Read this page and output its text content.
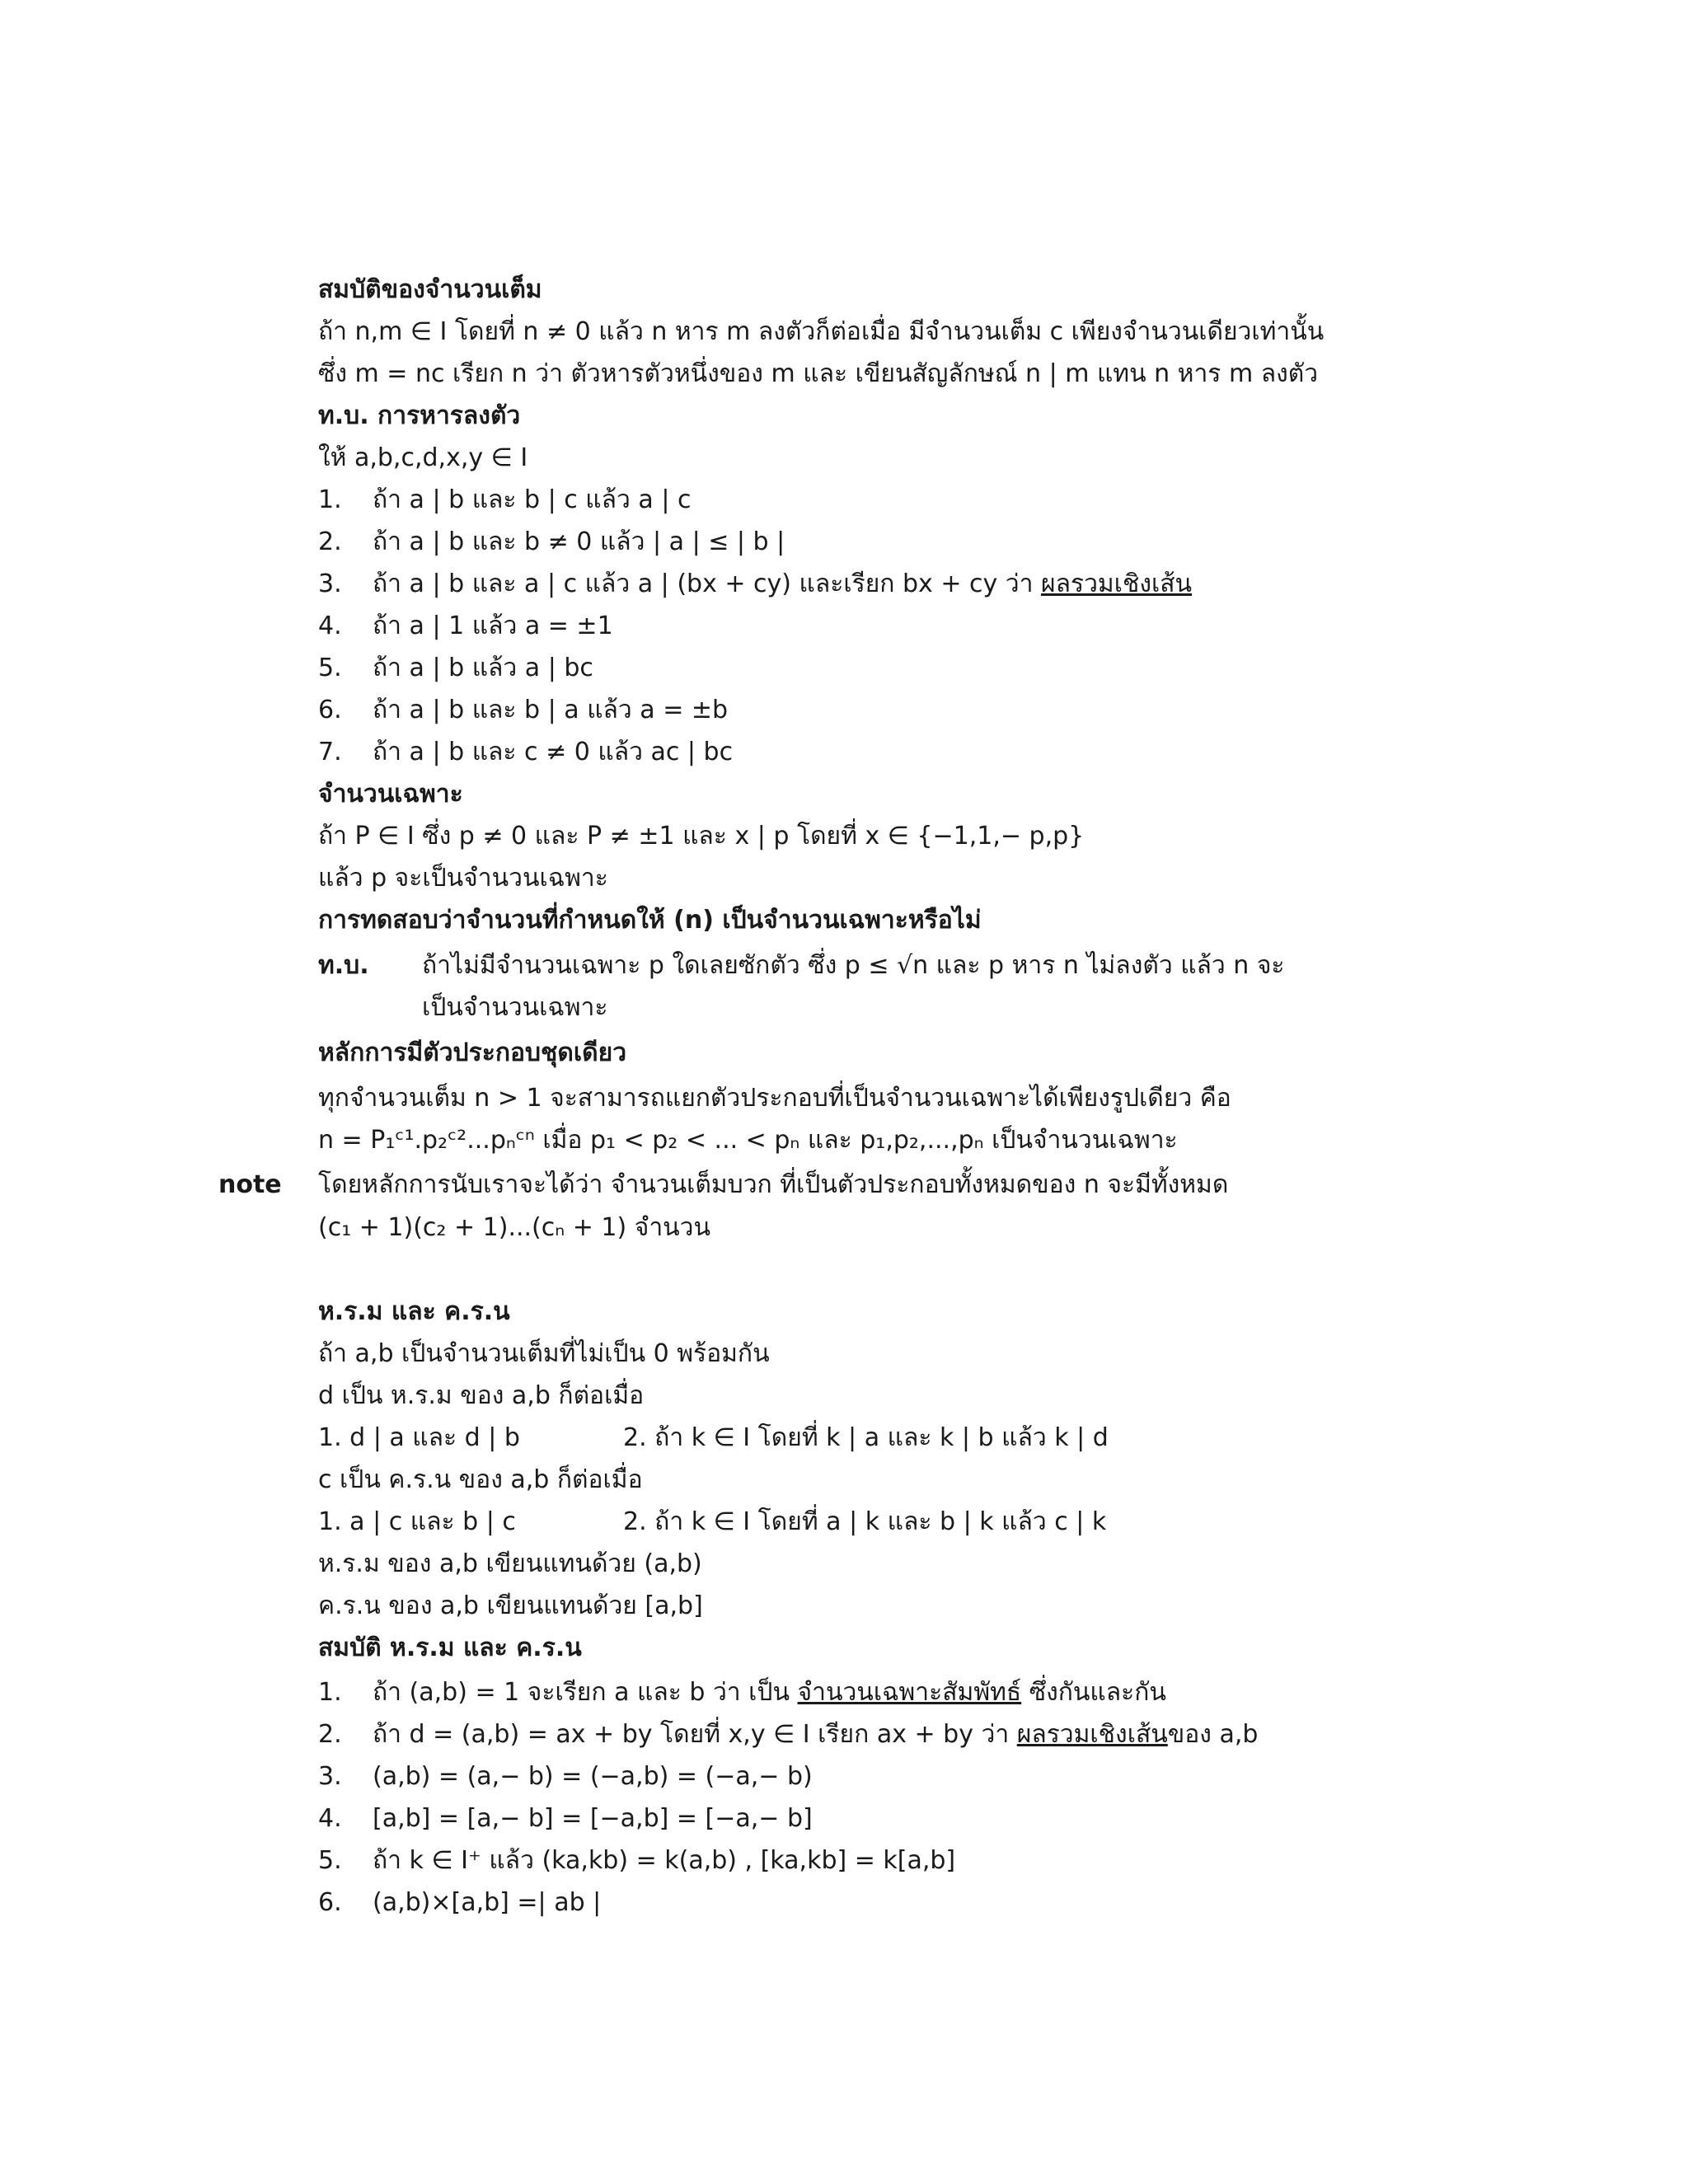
สมบัติของจำนวนเต็ม
ถ้า n,m ∈ I โดยที่ n ≠ 0 แล้ว n หาร m ลงตัวก็ต่อเมื่อ มีจำนวนเต็ม c เพียงจำนวนเดียวเท่านั้น
ซึ่ง m = nc เรียก n ว่า ตัวหารตัวหนึ่งของ m และ เขียนสัญลักษณ์ n | m แทน n หาร m ลงตัว
ท.บ. การหารลงตัว
ให้ a,b,c,d,x,y ∈ I
1. ถ้า a | b และ b | c แล้ว a | c
2. ถ้า a | b และ b ≠ 0 แล้ว | a | ≤ | b |
3. ถ้า a | b และ a | c แล้ว a | (bx + cy) และเรียก bx + cy ว่า ผลรวมเชิงเส้น
4. ถ้า a | 1 แล้ว a = ±1
5. ถ้า a | b แล้ว a | bc
6. ถ้า a | b และ b | a แล้ว a = ±b
7. ถ้า a | b และ c ≠ 0 แล้ว ac | bc
จำนวนเฉพาะ
ถ้า P ∈ I ซึ่ง p ≠ 0 และ P ≠ ±1 และ x | p โดยที่ x ∈ {−1,1,− p,p}
แล้ว p จะเป็นจำนวนเฉพาะ
การทดสอบว่าจำนวนที่กำหนดให้ (n) เป็นจำนวนเฉพาะหรือไม่
ท.บ. ถ้าไม่มีจำนวนเฉพาะ p ใดเลยซักตัว ซึ่ง p ≤ √n และ p หาร n ไม่ลงตัว แล้ว n จะ
เป็นจำนวนเฉพาะ
หลักการมีตัวประกอบชุดเดียว
ทุกจำนวนเต็ม n > 1 จะสามารถแยกตัวประกอบที่เป็นจำนวนเฉพาะได้เพียงรูปเดียว คือ
n = P₁ᶜ¹.p₂ᶜ²...pₙᶜⁿ เมื่อ p₁ < p₂ < ... < pₙ และ p₁,p₂,...,pₙ เป็นจำนวนเฉพาะ
note โดยหลักการนับเราจะได้ว่า จำนวนเต็มบวก ที่เป็นตัวประกอบทั้งหมดของ n จะมีทั้งหมด
(c₁ + 1)(c₂ + 1)...(cₙ + 1) จำนวน
ห.ร.ม และ ค.ร.น
ถ้า a,b เป็นจำนวนเต็มที่ไม่เป็น 0 พร้อมกัน
d เป็น ห.ร.ม ของ a,b ก็ต่อเมื่อ
1. d | a และ d | b	2. ถ้า k ∈ I โดยที่ k | a และ k | b แล้ว k | d
c เป็น ค.ร.น ของ a,b ก็ต่อเมื่อ
1. a | c และ b | c	2. ถ้า k ∈ I โดยที่ a | k และ b | k แล้ว c | k
ห.ร.ม ของ a,b เขียนแทนด้วย (a,b)
ค.ร.น ของ a,b เขียนแทนด้วย [a,b]
สมบัติ ห.ร.ม และ ค.ร.น
1. ถ้า (a,b) = 1 จะเรียก a และ b ว่า เป็น จำนวนเฉพาะสัมพัทธ์ ซึ่งกันและกัน
2. ถ้า d = (a,b) = ax + by โดยที่ x,y ∈ I เรียก ax + by ว่า ผลรวมเชิงเส้นของ a,b
3. (a,b) = (a,− b) = (−a,b) = (−a,− b)
4. [a,b] = [a,− b] = [−a,b] = [−a,− b]
5. ถ้า k ∈ I⁺ แล้ว (ka,kb) = k(a,b) , [ka,kb] = k[a,b]
6. (a,b)×[a,b] =| ab |
